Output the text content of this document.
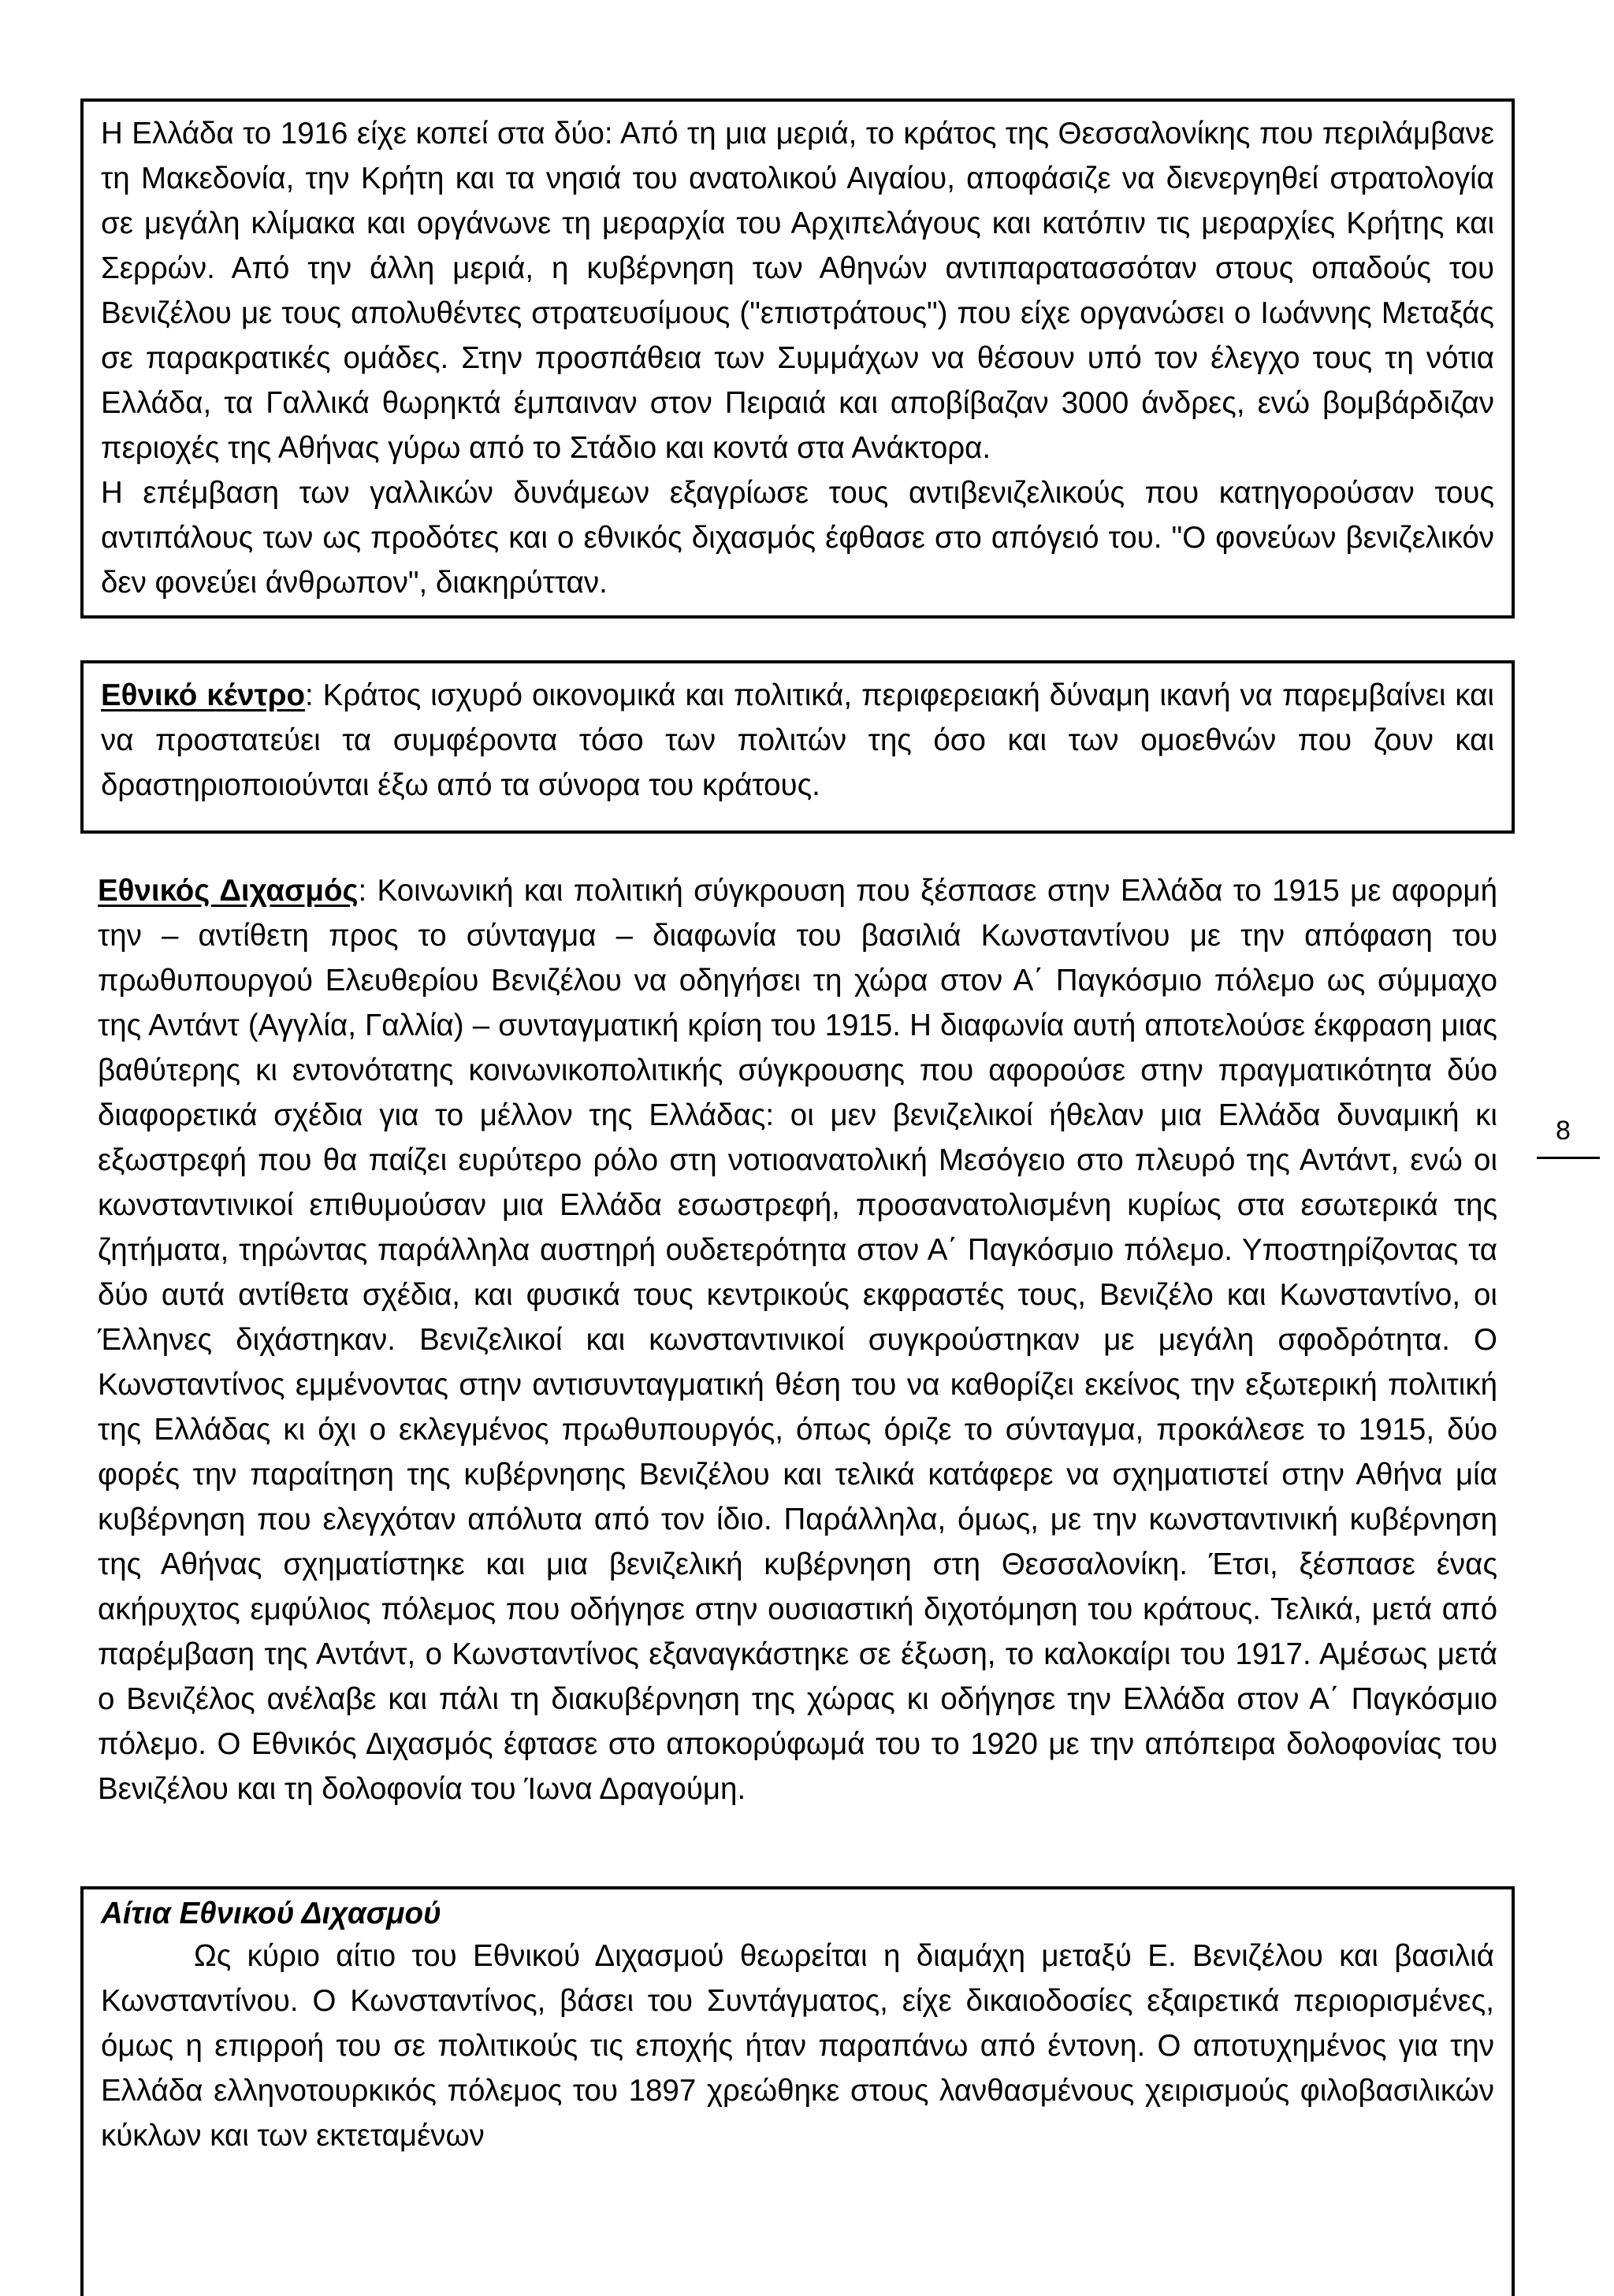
Η Ελλάδα το 1916 είχε κοπεί στα δύο: Από τη μια μεριά, το κράτος της Θεσσαλονίκης που περιλάμβανε τη Μακεδονία, την Κρήτη και τα νησιά του ανατολικού Αιγαίου, αποφάσιζε να διενεργηθεί στρατολογία σε μεγάλη κλίμακα και οργάνωνε τη μεραρχία του Αρχιπελάγους και κατόπιν τις μεραρχίες Κρήτης και Σερρών. Από την άλλη μεριά, η κυβέρνηση των Αθηνών αντιπαρατασσόταν στους οπαδούς του Βενιζέλου με τους απολυθέντες στρατευσίμους ("επιστράτους") που είχε οργανώσει ο Ιωάννης Μεταξάς σε παρακρατικές ομάδες. Στην προσπάθεια των Συμμάχων να θέσουν υπό τον έλεγχο τους τη νότια Ελλάδα, τα Γαλλικά θωρηκτά έμπαιναν στον Πειραιά και αποβίβαζαν 3000 άνδρες, ενώ βομβάρδιζαν περιοχές της Αθήνας γύρω από το Στάδιο και κοντά στα Ανάκτορα.

Η επέμβαση των γαλλικών δυνάμεων εξαγρίωσε τους αντιβενιζελικούς που κατηγορούσαν τους αντιπάλους των ως προδότες και ο εθνικός διχασμός έφθασε στο απόγειό του. "Ο φονεύων βενιζελικόν δεν φονεύει άνθρωπον", διακηρύτταν.

Εθνικό κέντρο: Κράτος ισχυρό οικονομικά και πολιτικά, περιφερειακή δύναμη ικανή να παρεμβαίνει και να προστατεύει τα συμφέροντα τόσο των πολιτών της όσο και των ομοεθνών που ζουν και δραστηριοποιούνται έξω από τα σύνορα του κράτους.

Εθνικός Διχασμός: Κοινωνική και πολιτική σύγκρουση που ξέσπασε στην Ελλάδα το 1915 με αφορμή την – αντίθετη προς το σύνταγμα – διαφωνία του βασιλιά Κωνσταντίνου με την απόφαση του πρωθυπουργού Ελευθερίου Βενιζέλου να οδηγήσει τη χώρα στον Α΄ Παγκόσμιο πόλεμο ως σύμμαχο της Αντάντ (Αγγλία, Γαλλία) – συνταγματική κρίση του 1915. Η διαφωνία αυτή αποτελούσε έκφραση μιας βαθύτερης κι εντονότατης κοινωνικοπολιτικής σύγκρουσης που αφορούσε στην πραγματικότητα δύο διαφορετικά σχέδια για το μέλλον της Ελλάδας: οι μεν βενιζελικοί ήθελαν μια Ελλάδα δυναμική κι εξωστρεφή που θα παίζει ευρύτερο ρόλο στη νοτιοανατολική Μεσόγειο στο πλευρό της Αντάντ, ενώ οι κωνσταντινικοί επιθυμούσαν μια Ελλάδα εσωστρεφή, προσανατολισμένη κυρίως στα εσωτερικά της ζητήματα, τηρώντας παράλληλα αυστηρή ουδετερότητα στον Α΄ Παγκόσμιο πόλεμο. Υποστηρίζοντας τα δύο αυτά αντίθετα σχέδια, και φυσικά τους κεντρικούς εκφραστές τους, Βενιζέλο και Κωνσταντίνο, οι Έλληνες διχάστηκαν. Βενιζελικοί και κωνσταντινικοί συγκρούστηκαν με μεγάλη σφοδρότητα. Ο Κωνσταντίνος εμμένοντας στην αντισυνταγματική θέση του να καθορίζει εκείνος την εξωτερική πολιτική της Ελλάδας κι όχι ο εκλεγμένος πρωθυπουργός, όπως όριζε το σύνταγμα, προκάλεσε το 1915, δύο φορές την παραίτηση της κυβέρνησης Βενιζέλου και τελικά κατάφερε να σχηματιστεί στην Αθήνα μία κυβέρνηση που ελεγχόταν απόλυτα από τον ίδιο. Παράλληλα, όμως, με την κωνσταντινική κυβέρνηση της Αθήνας σχηματίστηκε και μια βενιζελική κυβέρνηση στη Θεσσαλονίκη. Έτσι, ξέσπασε ένας ακήρυχτος εμφύλιος πόλεμος που οδήγησε στην ουσιαστική διχοτόμηση του κράτους. Τελικά, μετά από παρέμβαση της Αντάντ, ο Κωνσταντίνος εξαναγκάστηκε σε έξωση, το καλοκαίρι του 1917. Αμέσως μετά ο Βενιζέλος ανέλαβε και πάλι τη διακυβέρνηση της χώρας κι οδήγησε την Ελλάδα στον Α΄ Παγκόσμιο πόλεμο. Ο Εθνικός Διχασμός έφτασε στο αποκορύφωμά του το 1920 με την απόπειρα δολοφονίας του Βενιζέλου και τη δολοφονία του Ίωνα Δραγούμη.

Αίτια Εθνικού Διχασμού

Ως κύριο αίτιο του Εθνικού Διχασμού θεωρείται η διαμάχη μεταξύ Ε. Βενιζέλου και βασιλιά Κωνσταντίνου. Ο Κωνσταντίνος, βάσει του Συντάγματος, είχε δικαιοδοσίες εξαιρετικά περιορισμένες, όμως η επιρροή του σε πολιτικούς τις εποχής ήταν παραπάνω από έντονη. Ο αποτυχημένος για την Ελλάδα ελληνοτουρκικός πόλεμος του 1897 χρεώθηκε στους λανθασμένους χειρισμούς φιλοβασιλικών κύκλων και των εκτεταμένων

8
